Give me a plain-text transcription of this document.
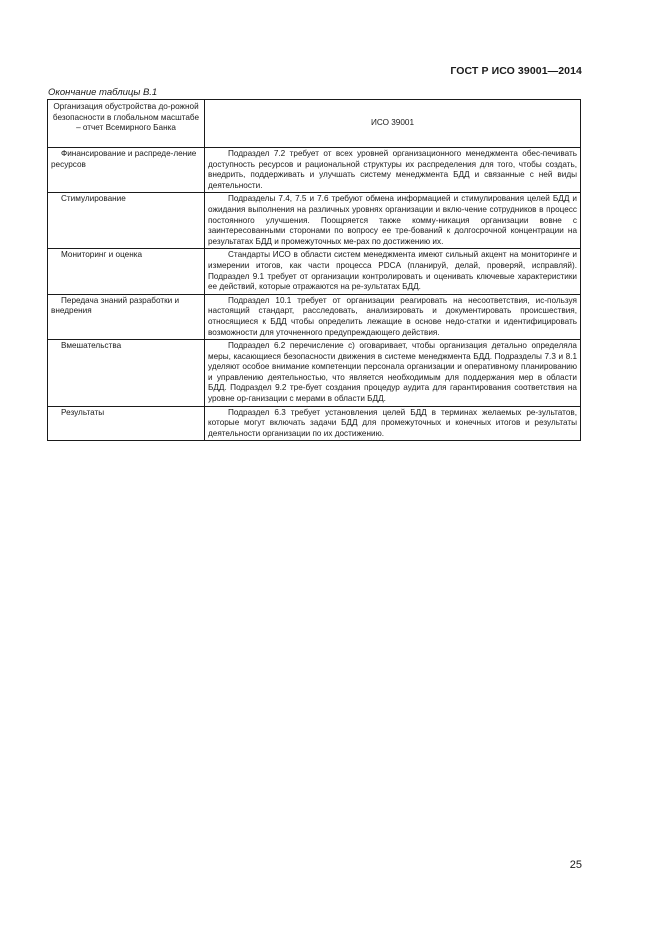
ГОСТ Р ИСО 39001—2014
Окончание таблицы В.1
Организация обустройства до-рожной безопасности в глобальном масштабе – отчет Всемирного Банка	ИСО 39001
Финансирование и распреде-ление ресурсов	Подраздел 7.2 требует от всех уровней организационного менеджмента обес-печивать доступность ресурсов и рациональной структуры их распределения для того, чтобы создать, внедрить, поддерживать и улучшать систему менеджмента БДД и связанные с ней виды деятельности.
Стимулирование	Подразделы 7.4, 7.5 и 7.6 требуют обмена информацией и стимулирования целей БДД и ожидания выполнения на различных уровнях организации и вклю-чение сотрудников в процесс постоянного улучшения. Поощряется также комму-никация организации вовне с заинтересованными сторонами по вопросу ее тре-бований к долгосрочной концентрации на результатах БДД и промежуточных ме-рах по достижению их.
Мониторинг и оценка	Стандарты ИСО в области систем менеджмента имеют сильный акцент на мониторинге и измерении итогов, как части процесса PDCA (планируй, делай, проверяй, исправляй). Подраздел 9.1 требует от организации контролировать и оценивать ключевые характеристики ее действий, которые отражаются на ре-зультатах БДД.
Передача знаний разработки и внедрения	Подраздел 10.1 требует от организации реагировать на несоответствия, ис-пользуя настоящий стандарт, расследовать, анализировать и документировать происшествия, относящиеся к БДД чтобы определить лежащие в основе недо-статки и идентифицировать возможности для уточненного предупреждающего действия.
Вмешательства	Подраздел 6.2 перечисление с) оговаривает, чтобы организация детально определяла меры, касающиеся безопасности движения в системе менеджмента БДД. Подразделы 7.3 и 8.1 уделяют особое внимание компетенции персонала организации и оперативному планированию и управлению деятельностью, что является необходимым для поддержания мер в области БДД. Подраздел 9.2 тре-бует создания процедур аудита для гарантирования соответствия на уровне ор-ганизации с мерами в области БДД.
Результаты	Подраздел 6.3 требует установления целей БДД в терминах желаемых ре-зультатов, которые могут включать задачи БДД для промежуточных и конечных итогов и результаты деятельности организации по их достижению.
25
